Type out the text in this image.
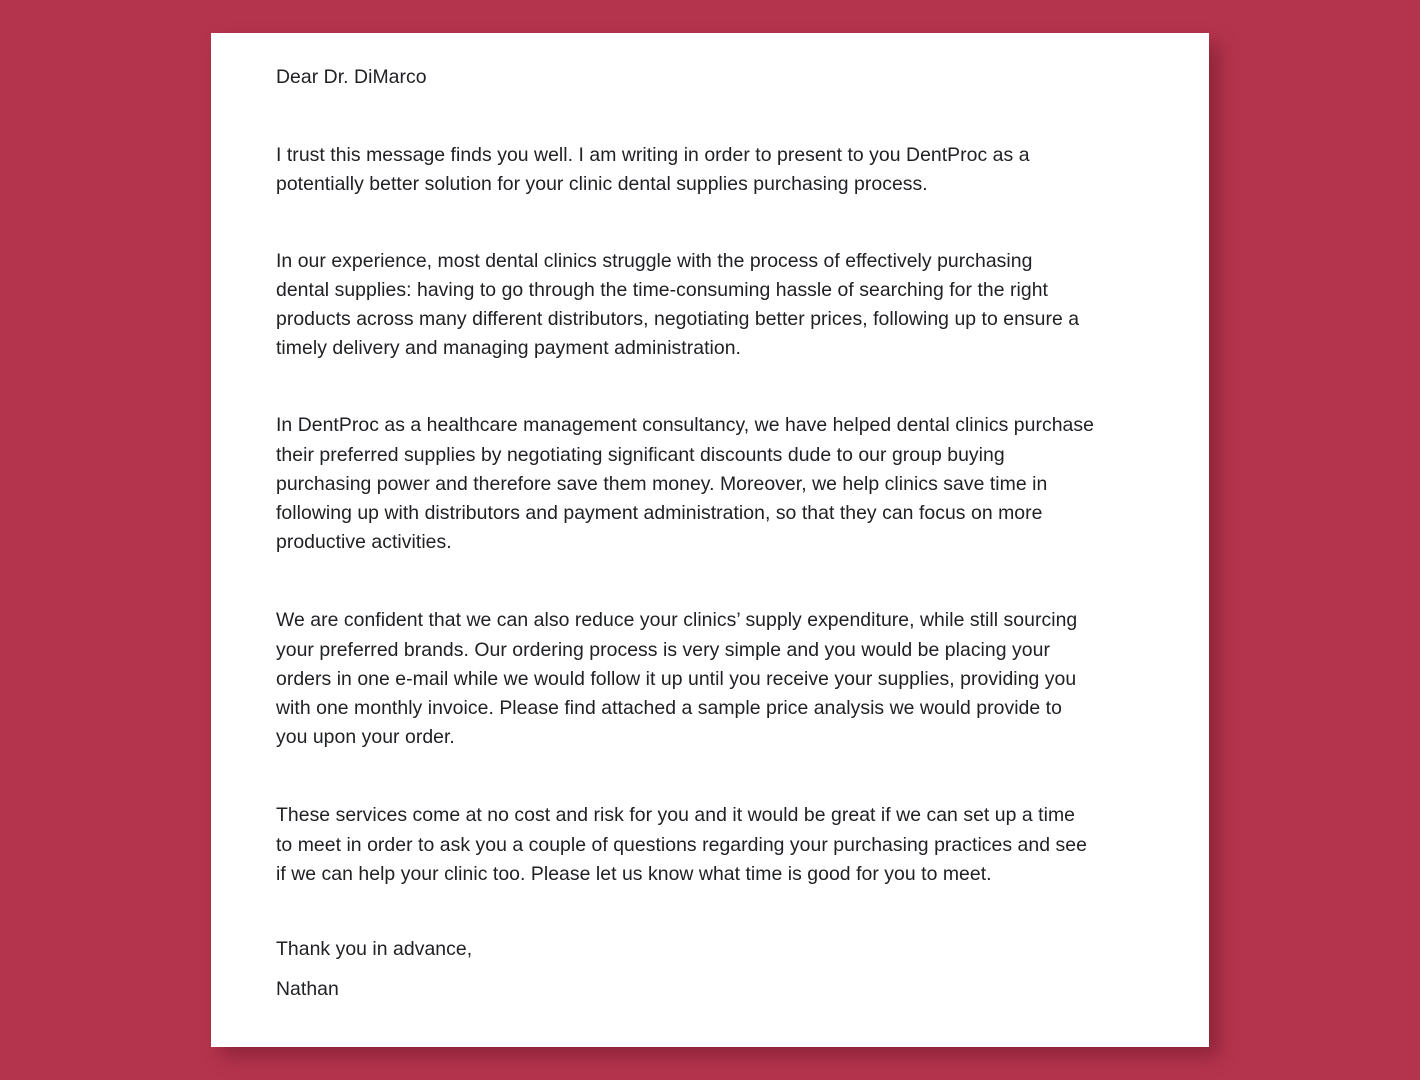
Dear Dr. DiMarco

I trust this message finds you well. I am writing in order to present to you DentProc as a
potentially better solution for your clinic dental supplies purchasing process.

In our experience, most dental clinics struggle with the process of effectively purchasing
dental supplies: having to go through the time-consuming hassle of searching for the right
products across many different distributors, negotiating better prices, following up to ensure a
timely delivery and managing payment administration.

In DentProc as a healthcare management consultancy, we have helped dental clinics purchase
their preferred supplies by negotiating significant discounts dude to our group buying
purchasing power and therefore save them money. Moreover, we help clinics save time in
following up with distributors and payment administration, so that they can focus on more
productive activities.

We are confident that we can also reduce your clinics’ supply expenditure, while still sourcing
your preferred brands. Our ordering process is very simple and you would be placing your
orders in one e-mail while we would follow it up until you receive your supplies, providing you
with one monthly invoice. Please find attached a sample price analysis we would provide to
you upon your order.

These services come at no cost and risk for you and it would be great if we can set up a time
to meet in order to ask you a couple of questions regarding your purchasing practices and see
if we can help your clinic too. Please let us know what time is good for you to meet.

Thank you in advance,

Nathan
